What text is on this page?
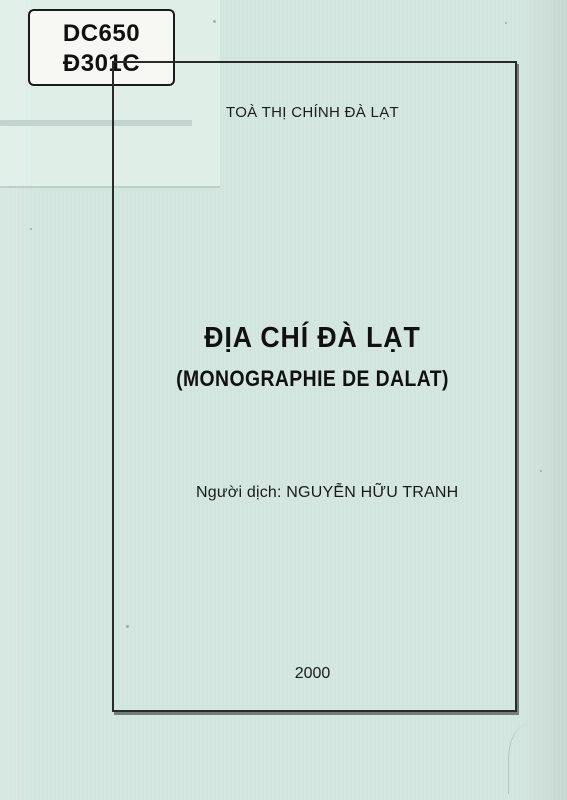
DC650
Đ301C
TOÀ THỊ CHÍNH ĐÀ LẠT
ĐỊA CHÍ ĐÀ LẠT
(MONOGRAPHIE DE DALAT)
Người dịch: NGUYỄN HỮU TRANH
2000
